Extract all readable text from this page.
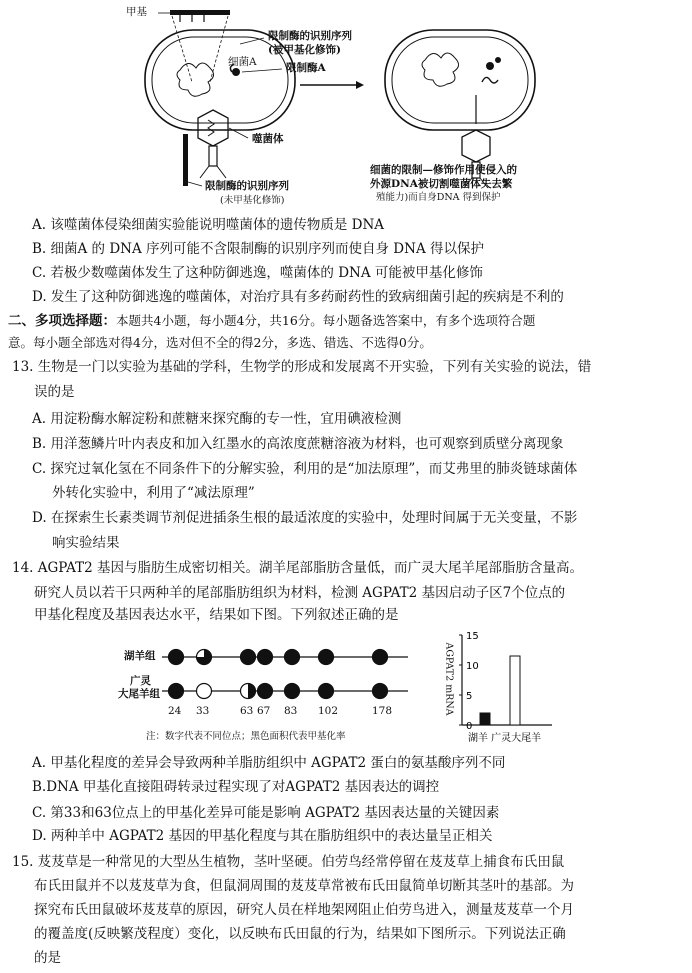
甲基
限制酶的识别序列
(被甲基化修饰)
细菌A	限制酶A
噬菌体
限制酶的识别序列
(未甲基化修饰)
细菌的限制—修饰作用使侵入的
外源DNA被切割噬菌体失去繁
殖能力)而自身DNA 得到保护
A. 该噬菌体侵染细菌实验能说明噬菌体的遗传物质是 DNA
B. 细菌A 的 DNA 序列可能不含限制酶的识别序列而使自身 DNA 得以保护
C. 若极少数噬菌体发生了这种防御逃逸，噬菌体的 DNA 可能被甲基化修饰
D. 发生了这种防御逃逸的噬菌体，对治疗具有多药耐药性的致病细菌引起的疾病是不利的
二、多项选择题：本题共4小题，每小题4分，共16分。每小题备选答案中，有多个选项符合题
意。每小题全部选对得4分，选对但不全的得2分，多选、错选、不选得0分。
13. 生物是一门以实验为基础的学科，生物学的形成和发展离不开实验，下列有关实验的说法，错
误的是
A. 用淀粉酶水解淀粉和蔗糖来探究酶的专一性，宜用碘液检测
B. 用洋葱鳞片叶内表皮和加入红墨水的高浓度蔗糖溶液为材料，也可观察到质壁分离现象
C. 探究过氧化氢在不同条件下的分解实验，利用的是“加法原理”，而艾弗里的肺炎链球菌体
外转化实验中，利用了“减法原理”
D. 在探索生长素类调节剂促进插条生根的最适浓度的实验中，处理时间属于无关变量，不影
响实验结果
14. AGPAT2 基因与脂肪生成密切相关。湖羊尾部脂肪含量低，而广灵大尾羊尾部脂肪含量高。
研究人员以若干只两种羊的尾部脂肪组织为材料，检测 AGPAT2 基因启动子区7个位点的
甲基化程度及基因表达水平，结果如下图。下列叙述正确的是
湖羊组
广灵
大尾羊组
24 33	63 67 83 102	178
注：数字代表不同位点；黑色面积代表甲基化率
0
5
10
15
湖羊 广灵大尾羊
AGPAT2 mRNA
A. 甲基化程度的差异会导致两种羊脂肪组织中 AGPAT2 蛋白的氨基酸序列不同
B.DNA 甲基化直接阻碍转录过程实现了对AGPAT2 基因表达的调控
C. 第33和63位点上的甲基化差异可能是影响 AGPAT2 基因表达量的关键因素
D. 两种羊中 AGPAT2 基因的甲基化程度与其在脂肪组织中的表达量呈正相关
15. 芨芨草是一种常见的大型丛生植物，茎叶坚硬。伯劳鸟经常停留在芨芨草上捕食布氏田鼠
布氏田鼠并不以芨芨草为食，但鼠洞周围的芨芨草常被布氏田鼠简单切断其茎叶的基部。为
探究布氏田鼠破坏芨芨草的原因，研究人员在样地架网阻止伯劳鸟进入，测量芨芨草一个月
的覆盖度(反映繁茂程度）变化，以反映布氏田鼠的行为，结果如下图所示。下列说法正确
的是
